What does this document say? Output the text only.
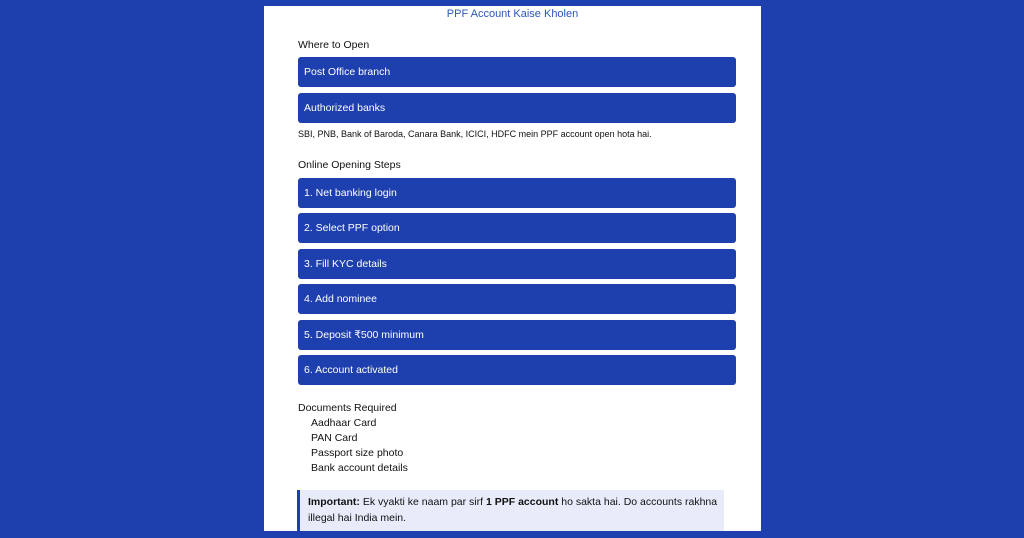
PPF Account Kaise Kholen
Where to Open
Post Office branch
Authorized banks
SBI, PNB, Bank of Baroda, Canara Bank, ICICI, HDFC mein PPF account open hota hai.
Online Opening Steps
1. Net banking login
2. Select PPF option
3. Fill KYC details
4. Add nominee
5. Deposit ₹500 minimum
6. Account activated
Documents Required
Aadhaar Card
PAN Card
Passport size photo
Bank account details
Important: Ek vyakti ke naam par sirf 1 PPF account ho sakta hai. Do accounts rakhna illegal hai India mein.
